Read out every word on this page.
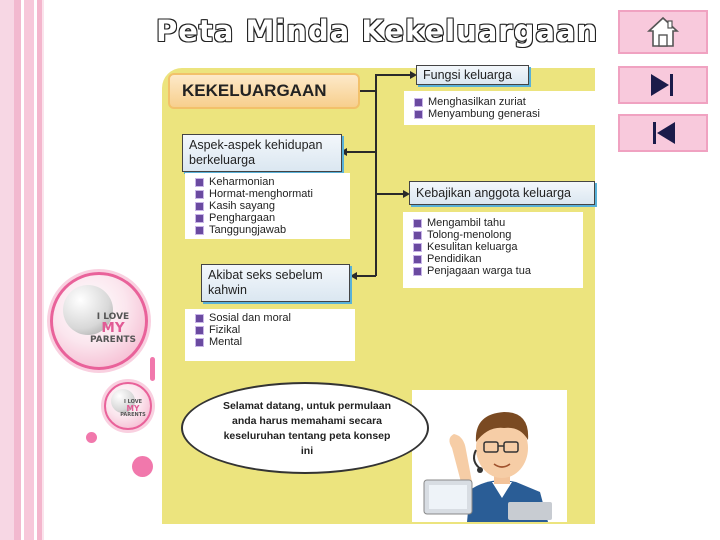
I LOVE
MY
PARENTS
I LOVE
MY
PARENTS
Peta Minda Kekeluargaan
KEKELUARGAAN
Fungsi keluarga
Menghasilkan zuriat
Menyambung generasi
Aspek-aspek kehidupan berkeluarga
Keharmonian
Hormat-menghormati
Kasih sayang
Penghargaan
Tanggungjawab
Kebajikan anggota keluarga
Mengambil tahu
Tolong-menolong
Kesulitan keluarga
Pendidikan
Penjagaan warga tua
Akibat seks sebelum kahwin
Sosial dan moral
Fizikal
Mental
Selamat datang, untuk permulaan anda harus memahami secara keseluruhan tentang peta konsep ini
